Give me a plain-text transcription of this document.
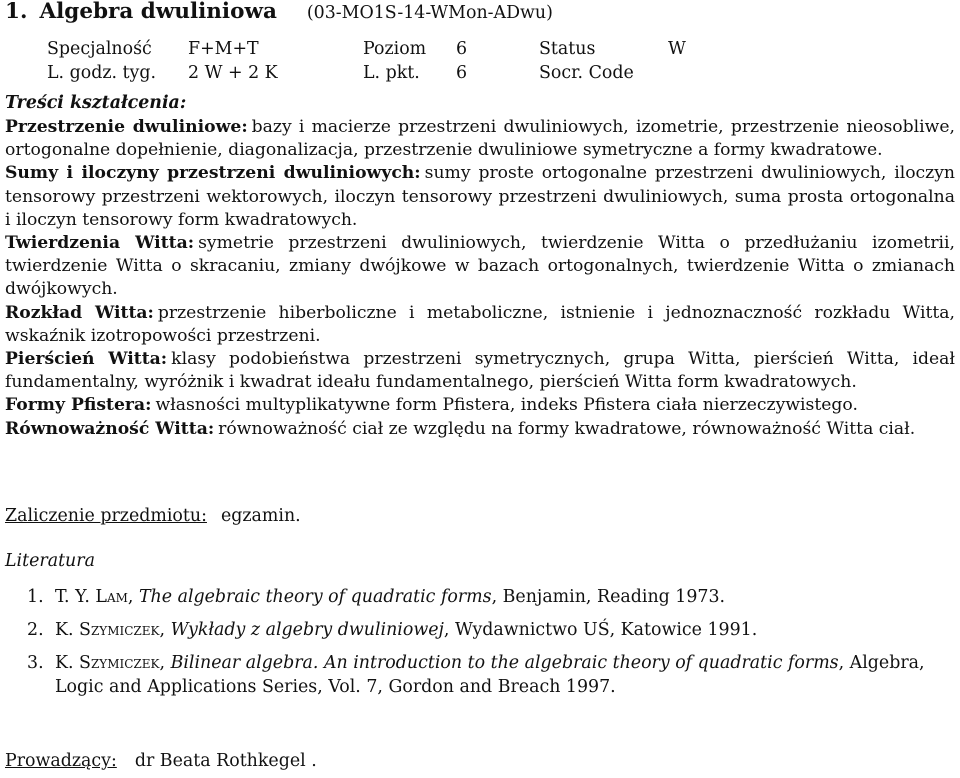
1. Algebra dwuliniowa (03-MO1S-14-WMon-ADwu)
Specjalność F+M+T	Poziom 6	Status	W
L. godz. tyg. 2 W + 2 K	L. pkt. 6	Socr. Code
Treści kształcenia:

Przestrzenie dwuliniowe: bazy i macierze przestrzeni dwuliniowych, izometrie, przestrzenie nieosobliwe, ortogonalne dopełnienie, diagonalizacja, przestrzenie dwuliniowe symetryczne a formy kwadratowe.

Sumy i iloczyny przestrzeni dwuliniowych: sumy proste ortogonalne przestrzeni dwuliniowych, iloczyn tensorowy przestrzeni wektorowych, iloczyn tensorowy przestrzeni dwuliniowych, suma prosta ortogonalna i iloczyn tensorowy form kwadratowych.

Twierdzenia Witta: symetrie przestrzeni dwuliniowych, twierdzenie Witta o przedłużaniu izometrii, twierdzenie Witta o skracaniu, zmiany dwójkowe w bazach ortogonalnych, twierdzenie Witta o zmianach dwójkowych.

Rozkład Witta: przestrzenie hiberboliczne i metaboliczne, istnienie i jednoznaczność rozkładu Witta, wskaźnik izotropowości przestrzeni.

Pierścień Witta: klasy podobieństwa przestrzeni symetrycznych, grupa Witta, pierścień Witta, ideał fundamentalny, wyróżnik i kwadrat ideału fundamentalnego, pierścień Witta form kwadratowych.

Formy Pfistera: własności multyplikatywne form Pfistera, indeks Pfistera ciała nierzeczywistego.

Równoważność Witta: równoważność ciał ze względu na formy kwadratowe, równoważność Witta ciał.

Zaliczenie przedmiotu: egzamin.
Literatura
1. T. Y. Lam, The algebraic theory of quadratic forms, Benjamin, Reading 1973.
2. K. Szymiczek, Wykłady z algebry dwuliniowej, Wydawnictwo UŚ, Katowice 1991.
3. K. Szymiczek, Bilinear algebra. An introduction to the algebraic theory of quadratic forms, Algebra, Logic and Applications Series, Vol. 7, Gordon and Breach 1997.
Prowadzący: dr Beata Rothkegel .
